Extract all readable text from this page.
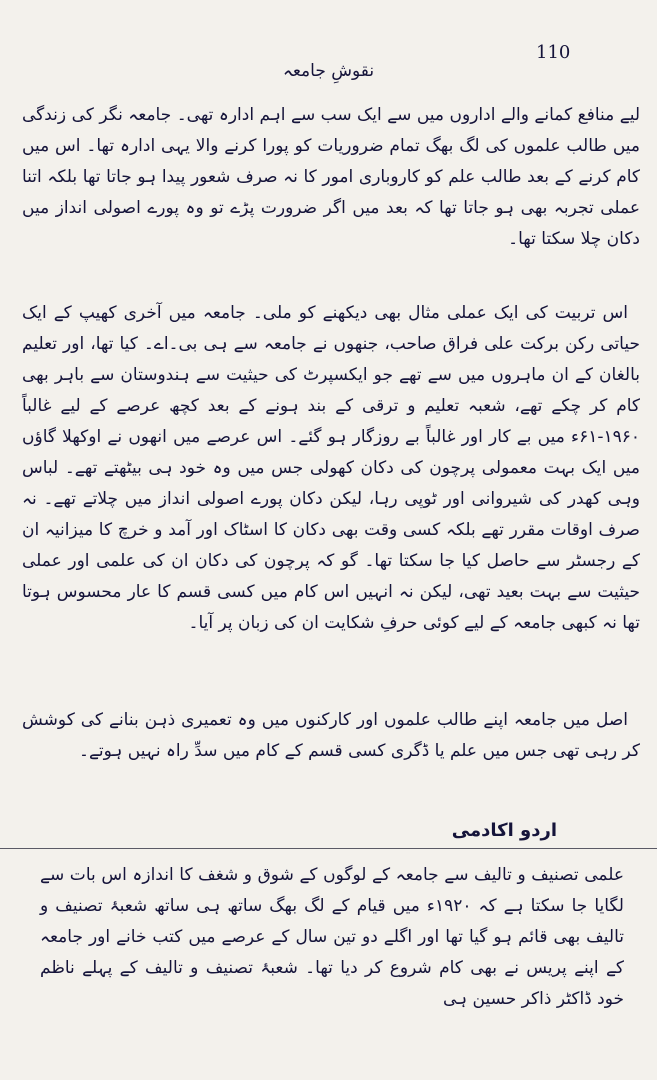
110
نقوشِ جامعہ

لیے منافع کمانے والے اداروں میں سے ایک سب سے اہم ادارہ تھی۔ جامعہ نگر کی زندگی میں طالب علموں کی لگ بھگ تمام ضروریات کو پورا کرنے والا یہی ادارہ تھا۔ اس میں کام کرنے کے بعد طالب علم کو کاروباری امور کا نہ صرف شعور پیدا ہو جاتا تھا بلکہ اتنا عملی تجربہ بھی ہو جاتا تھا کہ بعد میں اگر ضرورت پڑے تو وہ پورے اصولی انداز میں دکان چلا سکتا تھا۔

اس تربیت کی ایک عملی مثال بھی دیکھنے کو ملی۔ جامعہ میں آخری کھیپ کے ایک حیاتی رکن برکت علی فراق صاحب، جنھوں نے جامعہ سے ہی بی۔اے۔ کیا تھا، اور تعلیم بالغان کے ان ماہروں میں سے تھے جو ایکسپرٹ کی حیثیت سے ہندوستان سے باہر بھی کام کر چکے تھے، شعبہ تعلیم و ترقی کے بند ہونے کے بعد کچھ عرصے کے لیے غالباً ۱۹۶۰-۶۱ء میں بے کار اور غالباً بے روزگار ہو گئے۔ اس عرصے میں انھوں نے اوکھلا گاؤں میں ایک بہت معمولی پرچون کی دکان کھولی جس میں وہ خود ہی بیٹھتے تھے۔ لباس وہی کھدر کی شیروانی اور ٹوپی رہا، لیکن دکان پورے اصولی انداز میں چلاتے تھے۔ نہ صرف اوقات مقرر تھے بلکہ کسی وقت بھی دکان کا اسٹاک اور آمد و خرچ کا میزانیہ ان کے رجسٹر سے حاصل کیا جا سکتا تھا۔ گو کہ پرچون کی دکان ان کی علمی اور عملی حیثیت سے بہت بعید تھی، لیکن نہ انہیں اس کام میں کسی قسم کا عار محسوس ہوتا تھا نہ کبھی جامعہ کے لیے کوئی حرفِ شکایت ان کی زبان پر آیا۔

اصل میں جامعہ اپنے طالب علموں اور کارکنوں میں وہ تعمیری ذہن بنانے کی کوشش کر رہی تھی جس میں علم یا ڈگری کسی قسم کے کام میں سدِّ راہ نہیں ہوتے۔

اردو اکادمی

علمی تصنیف و تالیف سے جامعہ کے لوگوں کے شوق و شغف کا اندازہ اس بات سے لگایا جا سکتا ہے کہ ۱۹۲۰ء میں قیام کے لگ بھگ ساتھ ہی ساتھ شعبۂ تصنیف و تالیف بھی قائم ہو گیا تھا اور اگلے دو تین سال کے عرصے میں کتب خانے اور جامعہ کے اپنے پریس نے بھی کام شروع کر دیا تھا۔ شعبۂ تصنیف و تالیف کے پہلے ناظم خود ڈاکٹر ذاکر حسین ہی
